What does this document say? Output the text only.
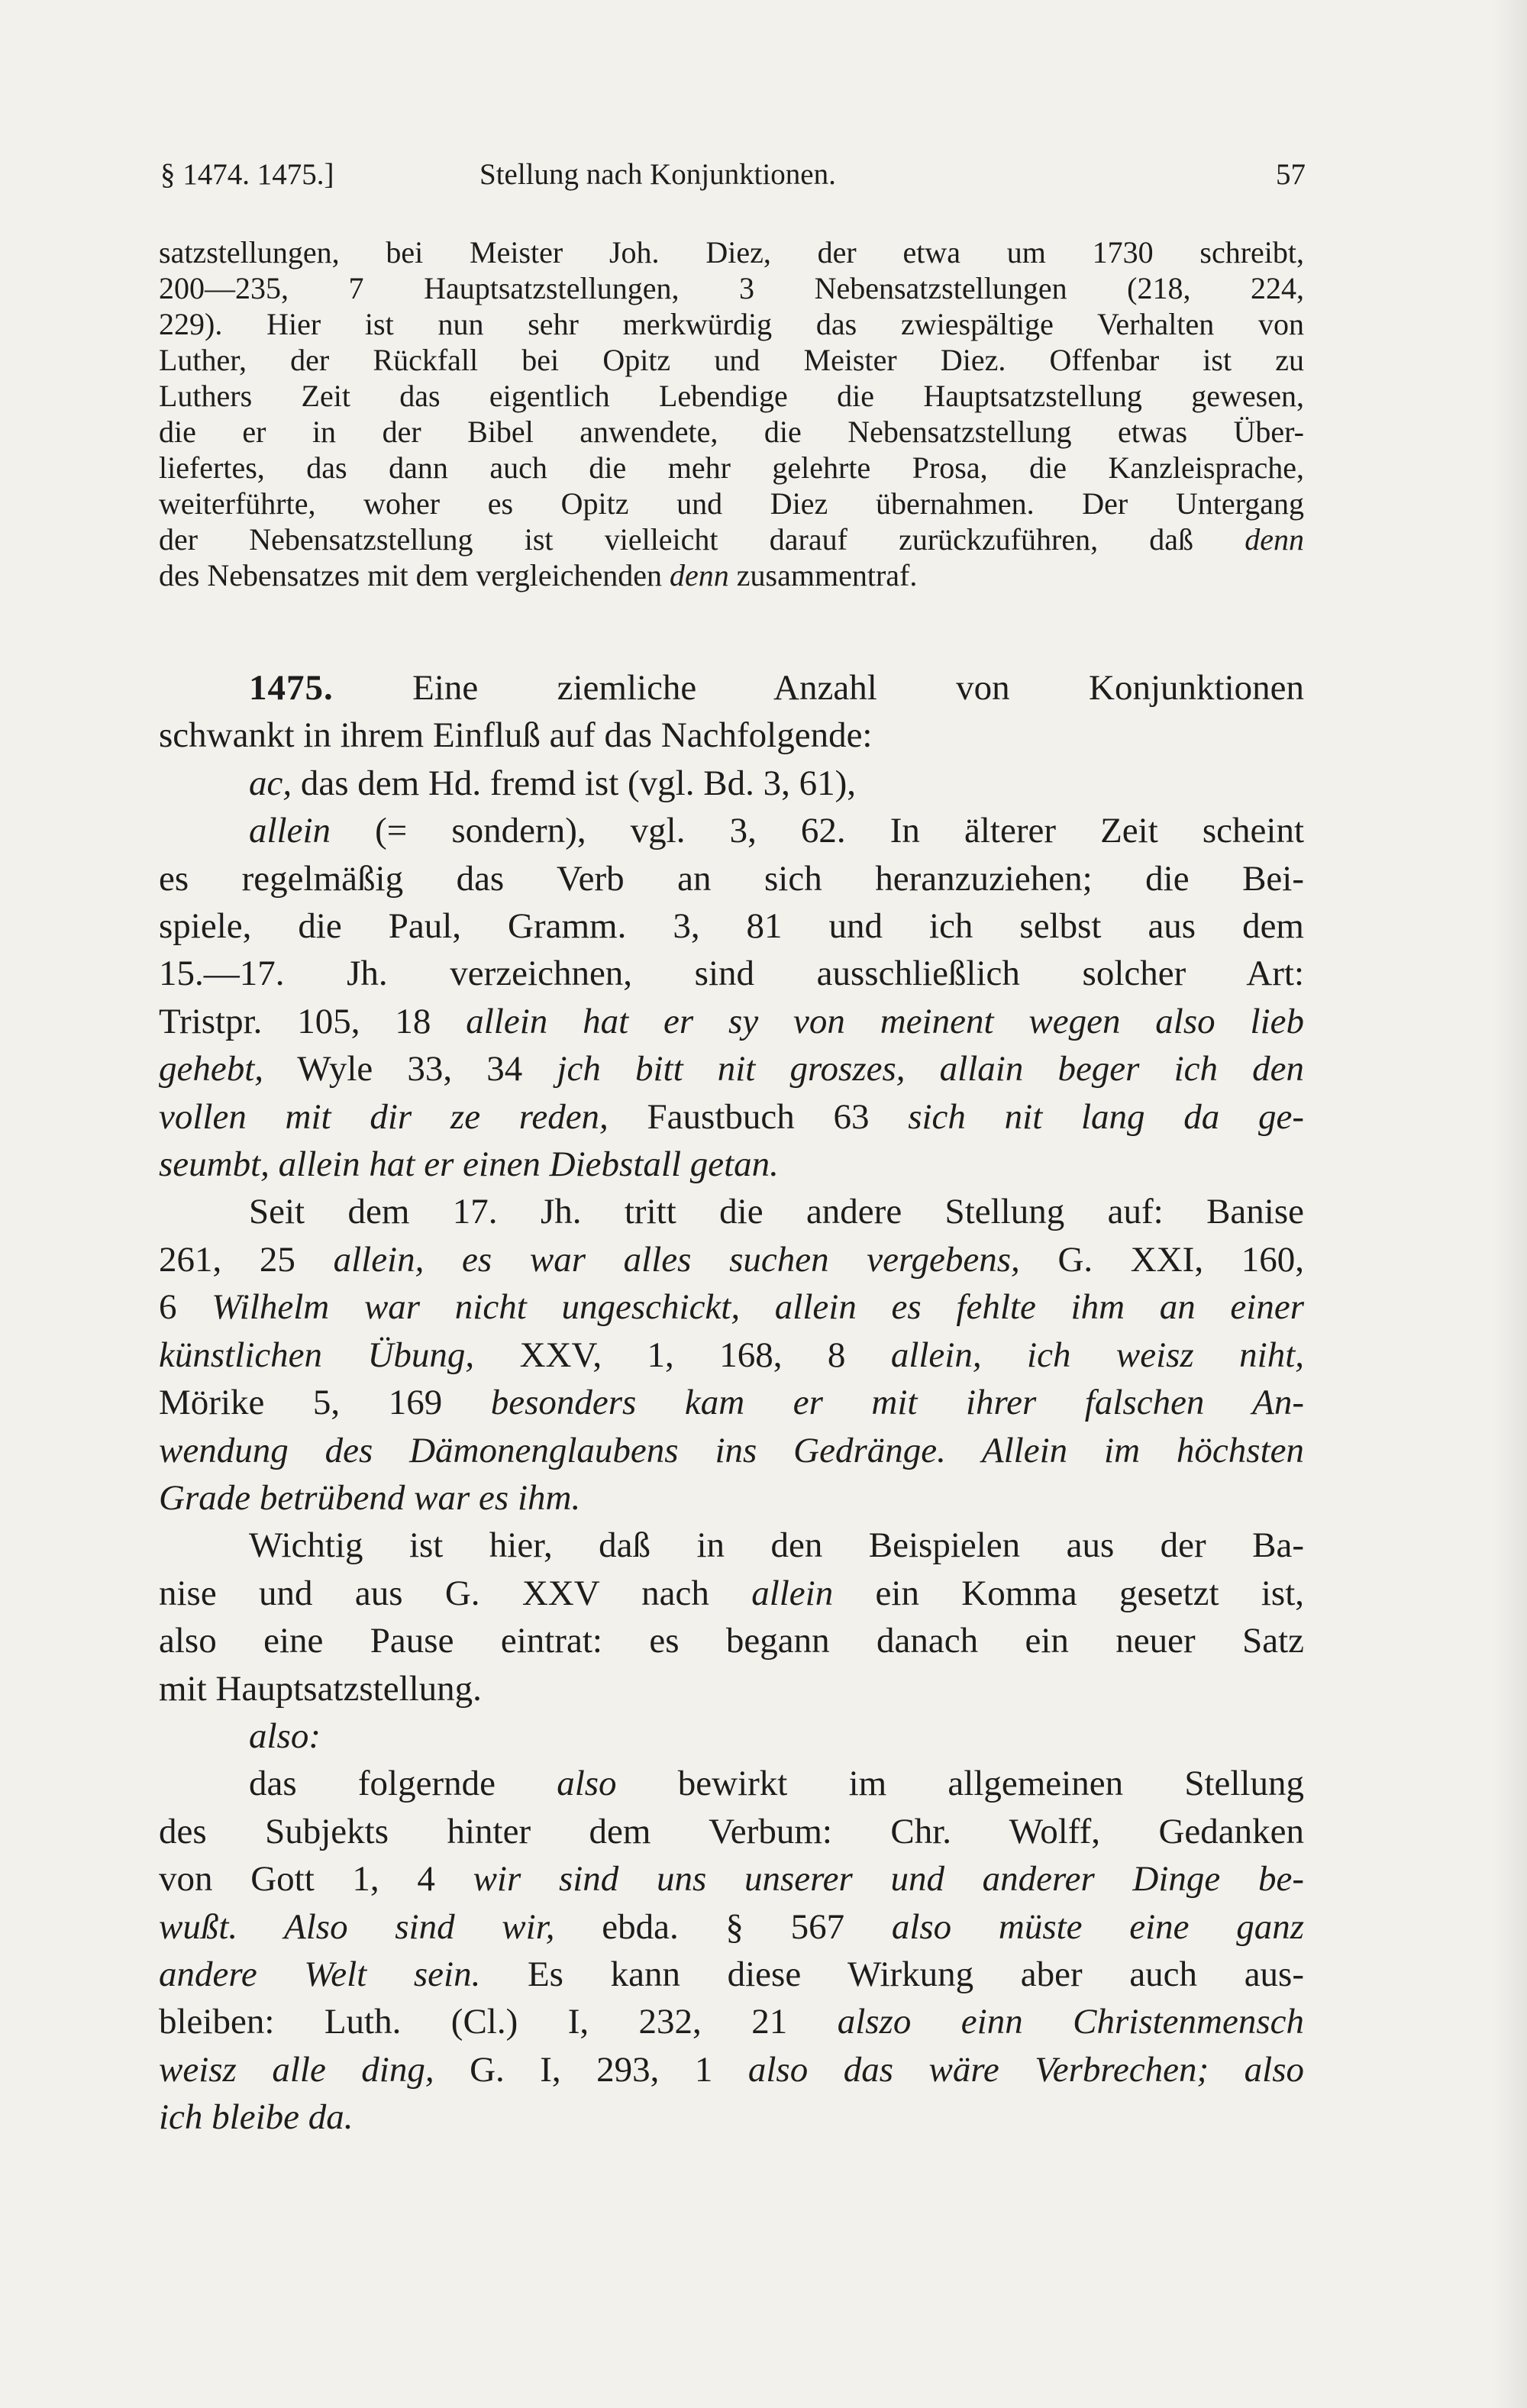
§ 1474. 1475.]	Stellung nach Konjunktionen.	57
satzstellungen, bei Meister Joh. Diez, der etwa um 1730 schreibt,
200—235, 7 Hauptsatzstellungen, 3 Nebensatzstellungen (218, 224,
229). Hier ist nun sehr merkwürdig das zwiespältige Verhalten von
Luther, der Rückfall bei Opitz und Meister Diez. Offenbar ist zu
Luthers Zeit das eigentlich Lebendige die Hauptsatzstellung gewesen,
die er in der Bibel anwendete, die Nebensatzstellung etwas Über-
liefertes, das dann auch die mehr gelehrte Prosa, die Kanzleisprache,
weiterführte, woher es Opitz und Diez übernahmen. Der Untergang
der Nebensatzstellung ist vielleicht darauf zurückzuführen, daß denn
des Nebensatzes mit dem vergleichenden denn zusammentraf.
1475. Eine ziemliche Anzahl von Konjunktionen
schwankt in ihrem Einfluß auf das Nachfolgende:
ac, das dem Hd. fremd ist (vgl. Bd. 3, 61),
allein (= sondern), vgl. 3, 62. In älterer Zeit scheint
es regelmäßig das Verb an sich heranzuziehen; die Bei-
spiele, die Paul, Gramm. 3, 81 und ich selbst aus dem
15.—17. Jh. verzeichnen, sind ausschließlich solcher Art:
Tristpr. 105, 18 allein hat er sy von meinent wegen also lieb
gehebt, Wyle 33, 34 jch bitt nit groszes, allain beger ich den
vollen mit dir ze reden, Faustbuch 63 sich nit lang da ge-
seumbt, allein hat er einen Diebstall getan.
Seit dem 17. Jh. tritt die andere Stellung auf: Banise
261, 25 allein, es war alles suchen vergebens, G. XXI, 160,
6 Wilhelm war nicht ungeschickt, allein es fehlte ihm an einer
künstlichen Übung, XXV, 1, 168, 8 allein, ich weisz niht,
Mörike 5, 169 besonders kam er mit ihrer falschen An-
wendung des Dämonenglaubens ins Gedränge. Allein im höchsten
Grade betrübend war es ihm.
Wichtig ist hier, daß in den Beispielen aus der Ba-
nise und aus G. XXV nach allein ein Komma gesetzt ist,
also eine Pause eintrat: es begann danach ein neuer Satz
mit Hauptsatzstellung.
also:
das folgernde also bewirkt im allgemeinen Stellung
des Subjekts hinter dem Verbum: Chr. Wolff, Gedanken
von Gott 1, 4 wir sind uns unserer und anderer Dinge be-
wußt. Also sind wir, ebda. § 567 also müste eine ganz
andere Welt sein. Es kann diese Wirkung aber auch aus-
bleiben: Luth. (Cl.) I, 232, 21 alszo einn Christenmensch
weisz alle ding, G. I, 293, 1 also das wäre Verbrechen; also
ich bleibe da.
